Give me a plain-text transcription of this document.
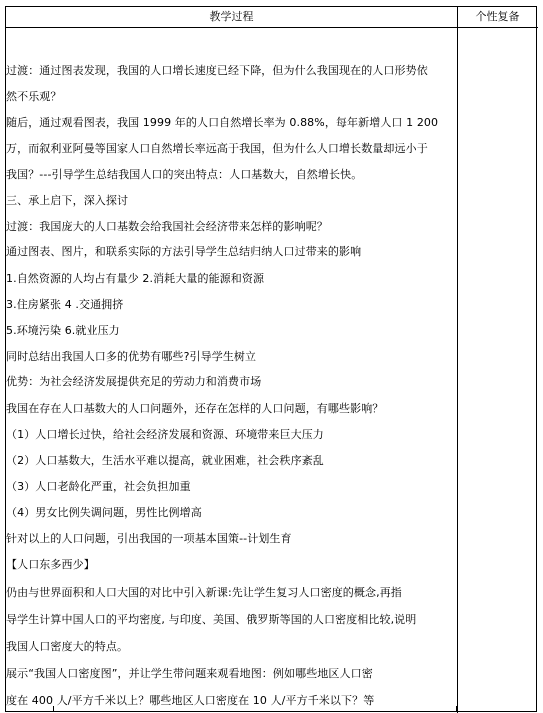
教学过程	个性复备
过渡：通过图表发现，我国的人口增长速度已经下降，但为什么我国现在的人口形势依
然不乐观？
随后，通过观看图表，我国 1999 年的人口自然增长率为 0.88%，每年新增人口 1 200
万，而叙利亚阿曼等国家人口自然增长率远高于我国，但为什么人口增长数量却远小于
我国？---引导学生总结我国人口的突出特点：人口基数大，自然增长快。
三、承上启下，深入探讨
过渡：我国庞大的人口基数会给我国社会经济带来怎样的影响呢？
通过图表、图片，和联系实际的方法引导学生总结归纳人口过带来的影响
1.自然资源的人均占有量少 2.消耗大量的能源和资源
3.住房紧张 4 .交通拥挤
5.环境污染 6.就业压力
同时总结出我国人口多的优势有哪些?引导学生树立
优势：为社会经济发展提供充足的劳动力和消费市场
我国在存在人口基数大的人口问题外，还存在怎样的人口问题，有哪些影响？
（1）人口增长过快，给社会经济发展和资源、环境带来巨大压力
（2）人口基数大，生活水平难以提高，就业困难，社会秩序紊乱
（3）人口老龄化严重，社会负担加重
（4）男女比例失调问题，男性比例增高
针对以上的人口问题，引出我国的一项基本国策--计划生育
【人口东多西少】
仍由与世界面积和人口大国的对比中引入新课:先让学生复习人口密度的概念,再指
导学生计算中国人口的平均密度, 与印度、美国、俄罗斯等国的人口密度相比较,说明
我国人口密度大的特点。
展示“我国人口密度图”，并让学生带问题来观看地图：例如哪些地区人口密
度在 400 人/平方千米以上？哪些地区人口密度在 10 人/平方千米以下？等
